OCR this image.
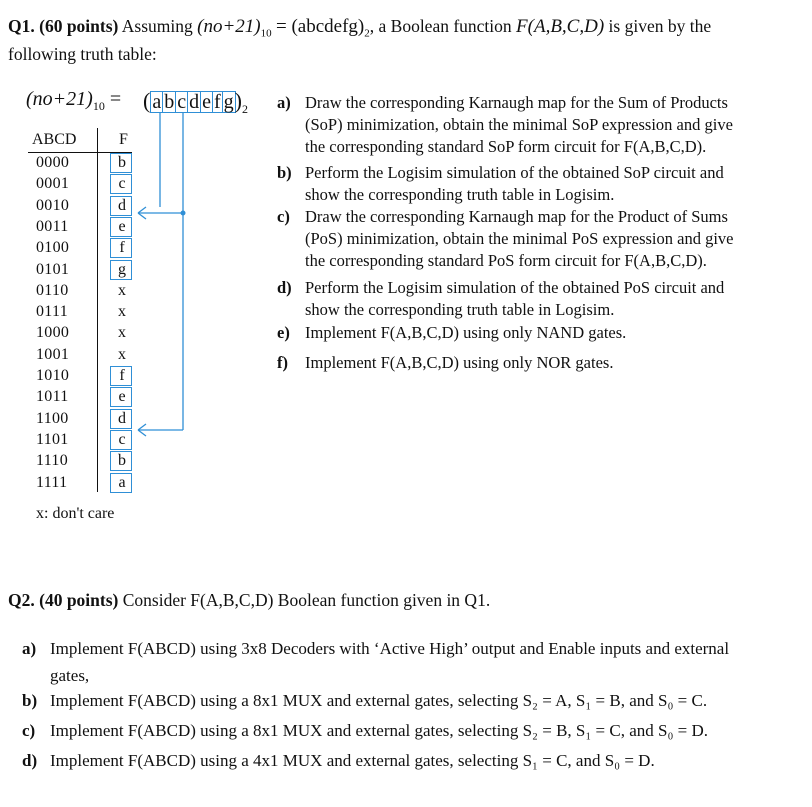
Q1. (60 points) Assuming $(no+21)_{10}$ = $(abcdefg)_2$, a Boolean function F(A,B,C,D) is given by the
following truth table:
$(no+21)_{10}$ = ( a b c d e f $g)_2$
ABCD	F
0000	b
0001	c
0010	d
0011	e
0100	f
0101	g
0110	x
0111	x
1000	x
1001	x
1010	f
1011	e
1100	d
1101	c
1110	b
1111	a
x: don't care
a) Draw the corresponding Karnaugh map for the Sum of Products
(SoP) minimization, obtain the minimal SoP expression and give
the corresponding standard SoP form circuit for F(A,B,C,D).
b) Perform the Logisim simulation of the obtained SoP circuit and
show the corresponding truth table in Logisim.
c) Draw the corresponding Karnaugh map for the Product of Sums
(PoS) minimization, obtain the minimal PoS expression and give
the corresponding standard PoS form circuit for F(A,B,C,D).
d) Perform the Logisim simulation of the obtained PoS circuit and
show the corresponding truth table in Logisim.
e) Implement F(A,B,C,D) using only NAND gates.
f) Implement F(A,B,C,D) using only NOR gates.
Q2. (40 points) Consider F(A,B,C,D) Boolean function given in Q1.
a) Implement F(ABCD) using 3x8 Decoders with ‘Active High’ output and Enable inputs and external
gates,
b) Implement F(ABCD) using a 8x1 MUX and external gates, selecting S₂ = A, S₁ = B, and S₀ = C.
c) Implement F(ABCD) using a 8x1 MUX and external gates, selecting S₂ = B, S₁ = C, and S₀ = D.
d) Implement F(ABCD) using a 4x1 MUX and external gates, selecting S₁ = C, and S₀ = D.
